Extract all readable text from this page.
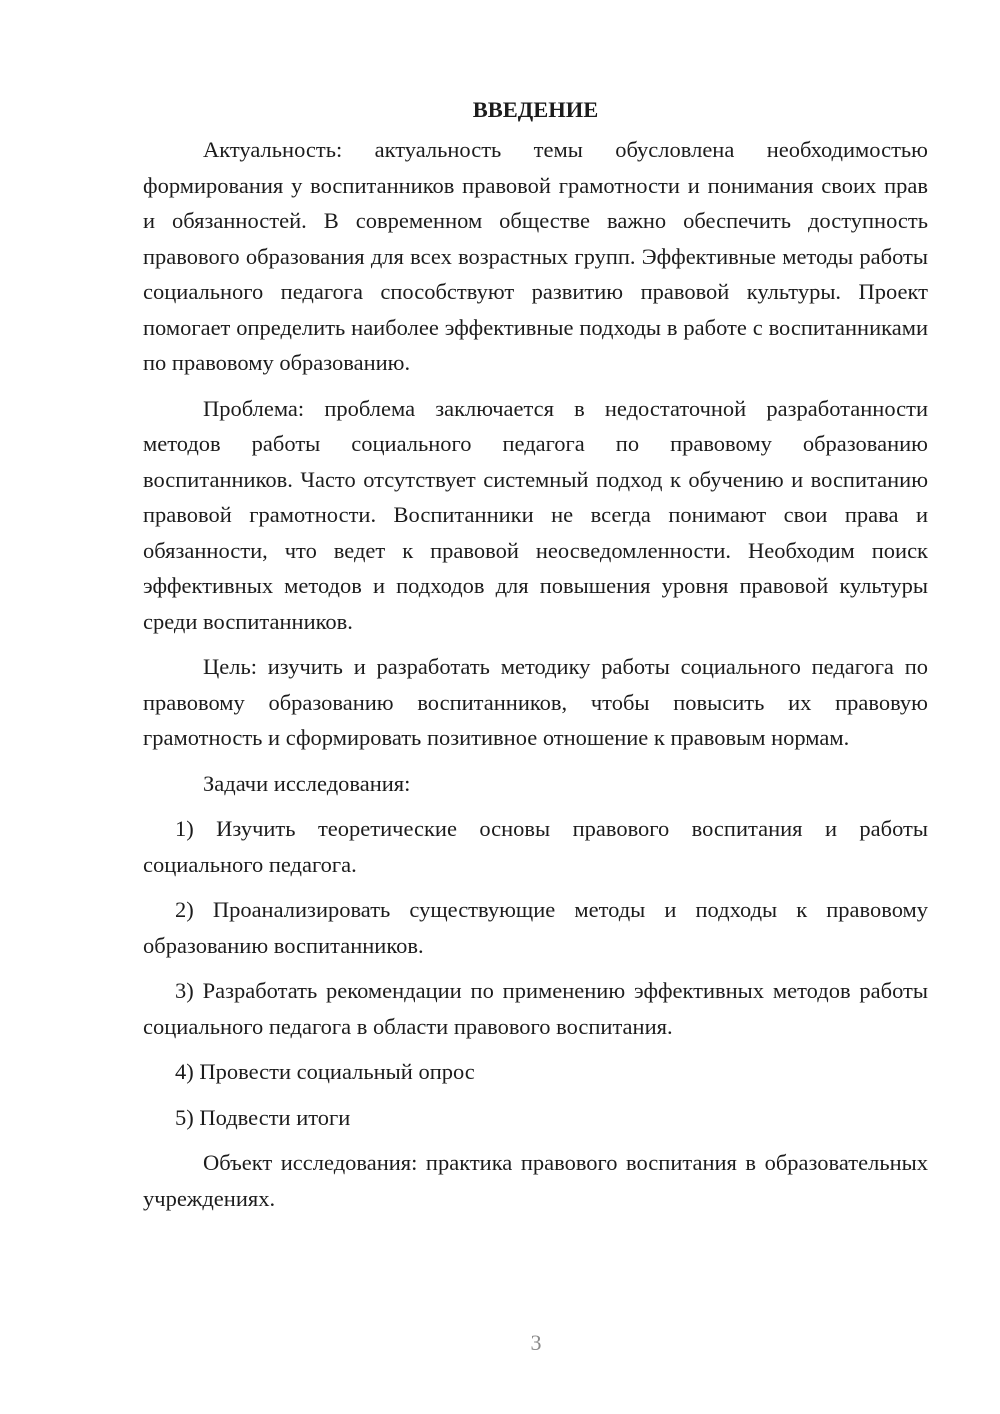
ВВЕДЕНИЕ

Актуальность: актуальность темы обусловлена необходимостью формирования у воспитанников правовой грамотности и понимания своих прав и обязанностей. В современном обществе важно обеспечить доступность правового образования для всех возрастных групп. Эффективные методы работы социального педагога способствуют развитию правовой культуры. Проект помогает определить наиболее эффективные подходы в работе с воспитанниками по правовому образованию.

Проблема: проблема заключается в недостаточной разработанности методов работы социального педагога по правовому образованию воспитанников. Часто отсутствует системный подход к обучению и воспитанию правовой грамотности. Воспитанники не всегда понимают свои права и обязанности, что ведет к правовой неосведомленности. Необходим поиск эффективных методов и подходов для повышения уровня правовой культуры среди воспитанников.

Цель: изучить и разработать методику работы социального педагога по правовому образованию воспитанников, чтобы повысить их правовую грамотность и сформировать позитивное отношение к правовым нормам.

Задачи исследования:

1) Изучить теоретические основы правового воспитания и работы социального педагога.

2) Проанализировать существующие методы и подходы к правовому образованию воспитанников.

3) Разработать рекомендации по применению эффективных методов работы социального педагога в области правового воспитания.

4) Провести социальный опрос

5) Подвести итоги

Объект исследования: практика правового воспитания в образовательных учреждениях.

3
